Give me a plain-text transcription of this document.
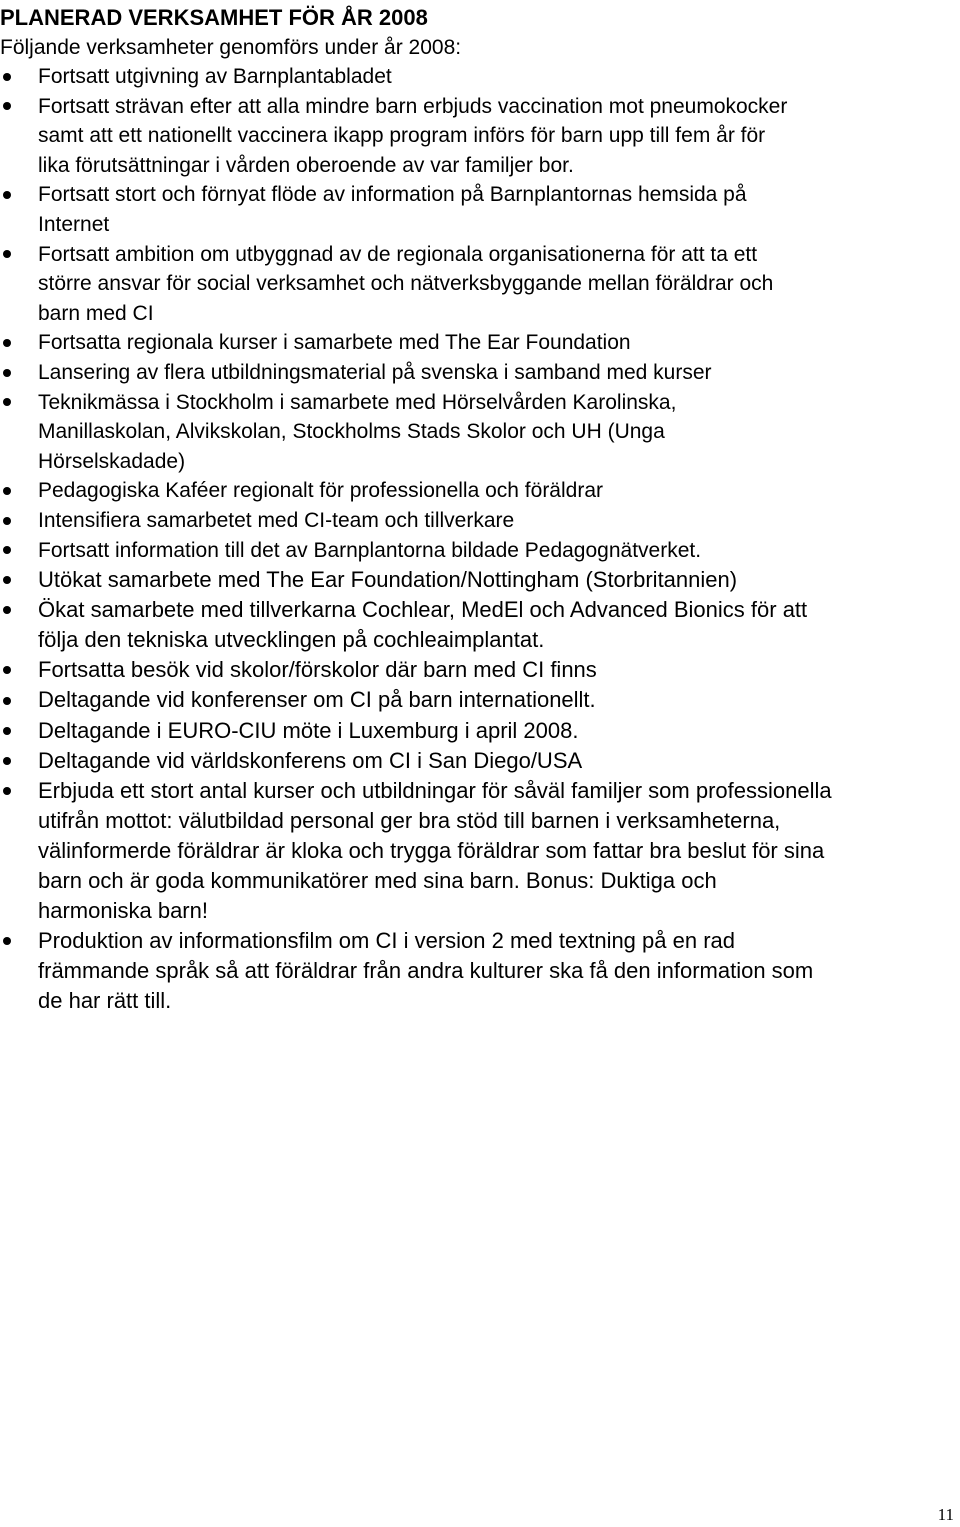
PLANERAD VERKSAMHET FÖR ÅR 2008

Följande verksamheter genomförs under år 2008:

Fortsatt utgivning av Barnplantabladet
Fortsatt strävan efter att alla mindre barn erbjuds vaccination mot pneumokocker
samt att ett nationellt vaccinera ikapp program införs för barn upp till fem år för
lika förutsättningar i vården oberoende av var familjer bor.
Fortsatt stort och förnyat flöde av information på Barnplantornas hemsida på
Internet
Fortsatt ambition om utbyggnad av de regionala organisationerna för att ta ett
större ansvar för social verksamhet och nätverksbyggande mellan föräldrar och
barn med CI
Fortsatta regionala kurser i samarbete med The Ear Foundation
Lansering av flera utbildningsmaterial på svenska i samband med kurser
Teknikmässa i Stockholm i samarbete med Hörselvården Karolinska,
Manillaskolan, Alvikskolan, Stockholms Stads Skolor och UH (Unga
Hörselskadade)
Pedagogiska Kaféer regionalt för professionella och föräldrar
Intensifiera samarbetet med CI-team och tillverkare
Fortsatt information till det av Barnplantorna bildade Pedagognätverket.
Utökat samarbete med The Ear Foundation/Nottingham (Storbritannien)
Ökat samarbete med tillverkarna Cochlear, MedEl och Advanced Bionics för att
följa den tekniska utvecklingen på cochleaimplantat.
Fortsatta besök vid skolor/förskolor där barn med CI finns
Deltagande vid konferenser om CI på barn internationellt.
Deltagande i EURO-CIU möte i Luxemburg i april 2008.
Deltagande vid världskonferens om CI i San Diego/USA
Erbjuda ett stort antal kurser och utbildningar för såväl familjer som professionella
utifrån mottot: välutbildad personal ger bra stöd till barnen i verksamheterna,
välinformerde föräldrar är kloka och trygga föräldrar som fattar bra beslut för sina
barn och är goda kommunikatörer med sina barn. Bonus: Duktiga och
harmoniska barn!
Produktion av informationsfilm om CI i version 2 med textning på en rad
främmande språk så att föräldrar från andra kulturer ska få den information som
de har rätt till.

11
